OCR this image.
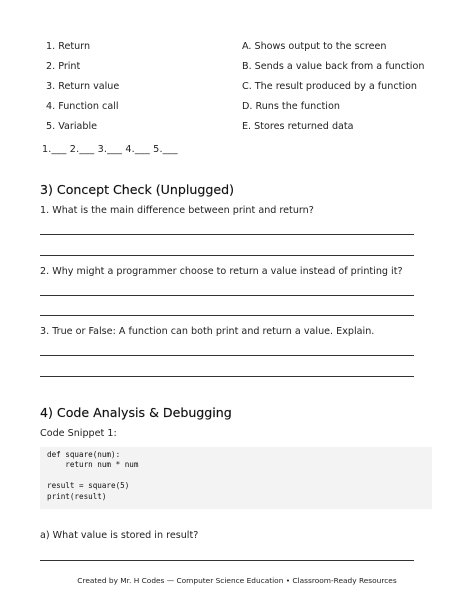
1. Return
2. Print
3. Return value
4. Function call
5. Variable
A. Shows output to the screen
B. Sends a value back from a function
C. The result produced by a function
D. Runs the function
E. Stores returned data
1.___ 2.___ 3.___ 4.___ 5.___
3) Concept Check (Unplugged)
1. What is the main difference between print and return?
2. Why might a programmer choose to return a value instead of printing it?
3. True or False: A function can both print and return a value. Explain.
4) Code Analysis & Debugging
Code Snippet 1:
def square(num):
return num * num
result = square(5)
print(result)
a) What value is stored in result?
Created by Mr. H Codes — Computer Science Education • Classroom-Ready Resources
